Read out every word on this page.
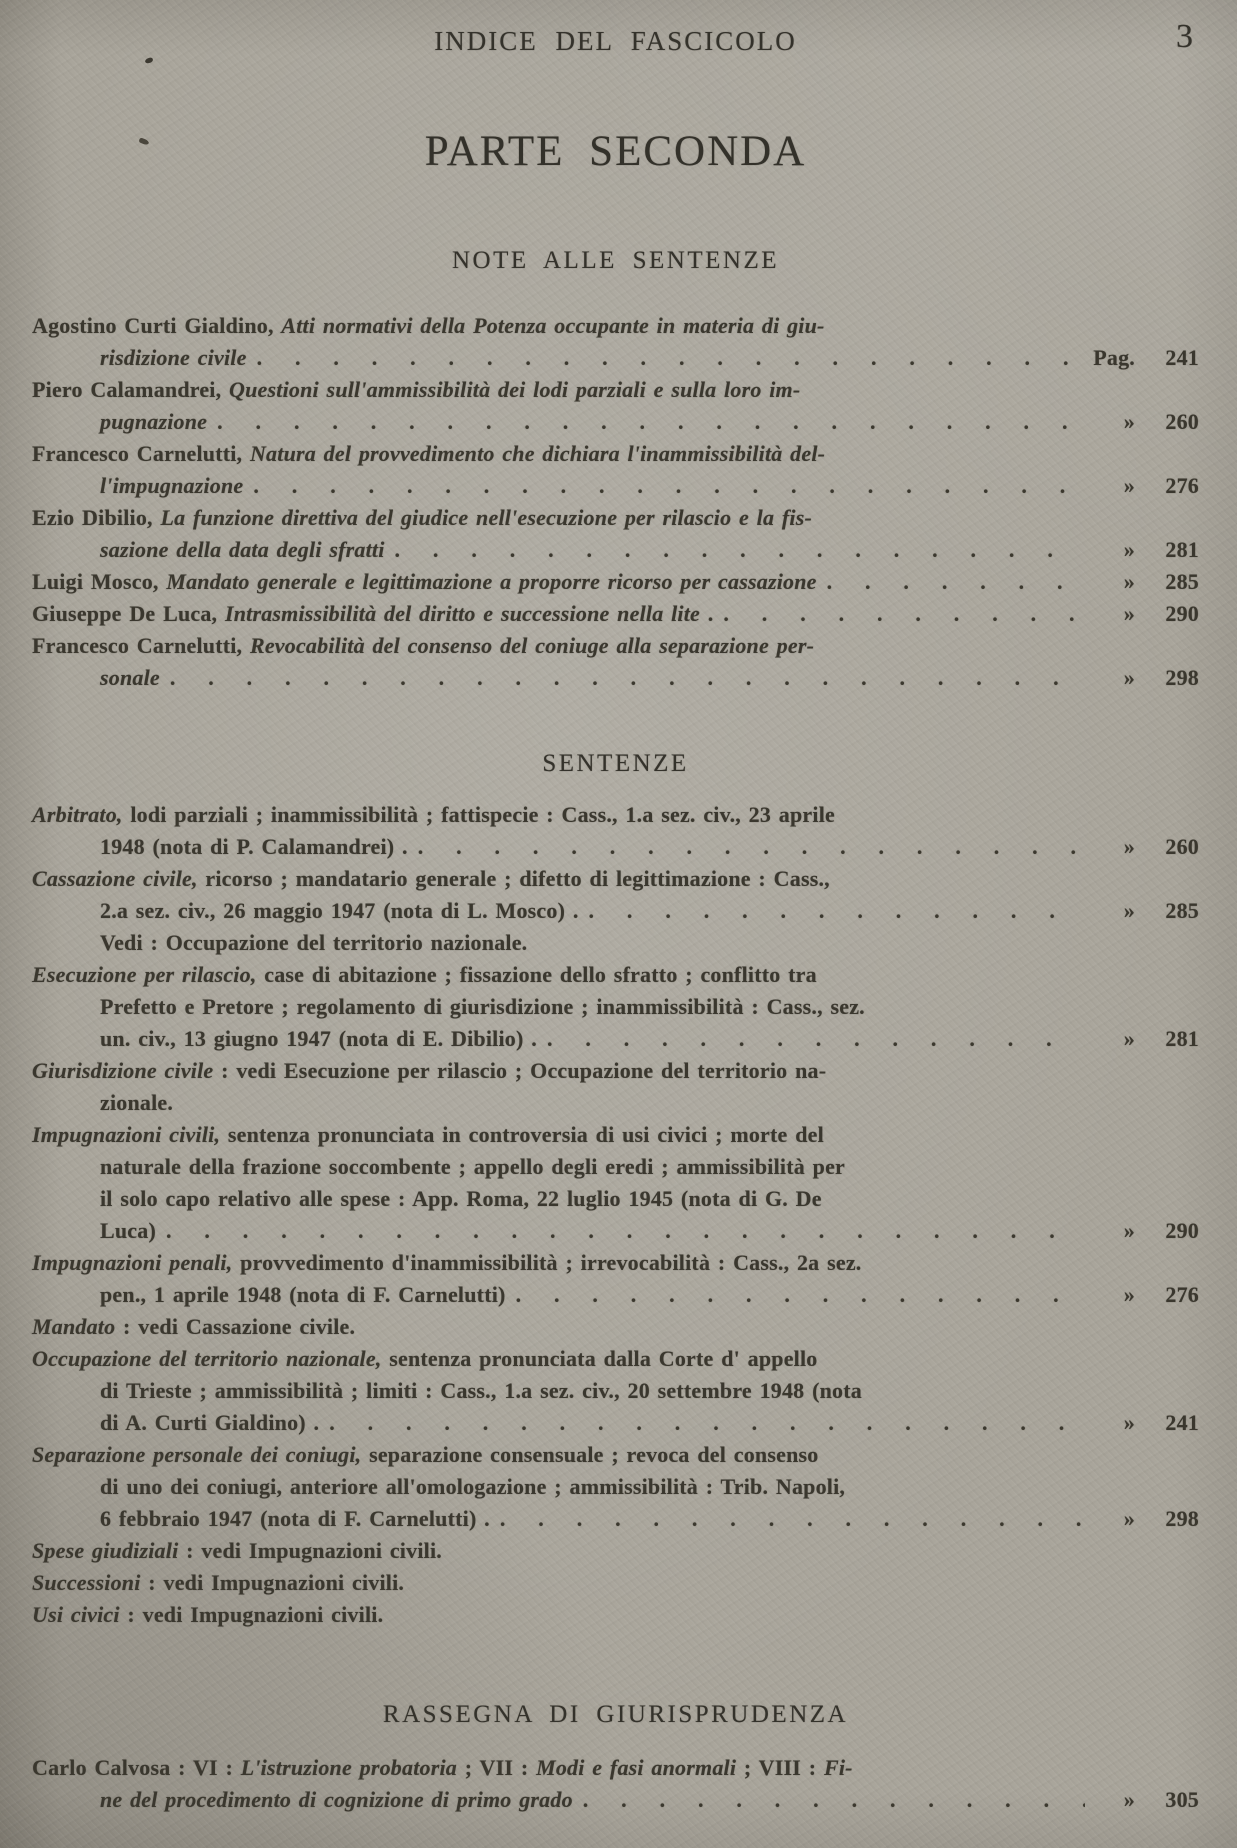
INDICE DEL FASCICOLO	3
PARTE SECONDA
NOTE ALLE SENTENZE
Agostino Curti Gialdino, Atti normativi della Potenza occupante in materia di giu-
risdizione civile . . .	Pag.	241
Piero Calamandrei, Questioni sull'ammissibilità dei lodi parziali e sulla loro im-
pugnazione . . .	»	260
Francesco Carnelutti, Natura del provvedimento che dichiara l'inammissibilità del-
l'impugnazione . . .	»	276
Ezio Dibilio, La funzione direttiva del giudice nell'esecuzione per rilascio e la fis-
sazione della data degli sfratti . . .	»	281
Luigi Mosco, Mandato generale e legittimazione a proporre ricorso per cassazione . . .	»	285
Giuseppe De Luca, Intrasmissibilità del diritto e successione nella lite . . . .	»	290
Francesco Carnelutti, Revocabilità del consenso del coniuge alla separazione per-
sonale . . .	»	298
SENTENZE
Arbitrato, lodi parziali ; inammissibilità ; fattispecie : Cass., 1.a sez. civ., 23 aprile
1948 (nota di P. Calamandrei) . . . .	»	260
Cassazione civile, ricorso ; mandatario generale ; difetto di legittimazione : Cass.,
2.a sez. civ., 26 maggio 1947 (nota di L. Mosco) . . . .	»	285
Vedi : Occupazione del territorio nazionale.
Esecuzione per rilascio, case di abitazione ; fissazione dello sfratto ; conflitto tra
Prefetto e Pretore ; regolamento di giurisdizione ; inammissibilità : Cass., sez.
un. civ., 13 giugno 1947 (nota di E. Dibilio) . . . .	»	281
Giurisdizione civile : vedi Esecuzione per rilascio ; Occupazione del territorio na-
zionale.
Impugnazioni civili, sentenza pronunciata in controversia di usi civici ; morte del
naturale della frazione soccombente ; appello degli eredi ; ammissibilità per
il solo capo relativo alle spese : App. Roma, 22 luglio 1945 (nota di G. De
Luca) . . .	»	290
Impugnazioni penali, provvedimento d'inammissibilità ; irrevocabilità : Cass., 2a sez.
pen., 1 aprile 1948 (nota di F. Carnelutti) . . .	»	276
Mandato : vedi Cassazione civile.
Occupazione del territorio nazionale, sentenza pronunciata dalla Corte d' appello
di Trieste ; ammissibilità ; limiti : Cass., 1.a sez. civ., 20 settembre 1948 (nota
di A. Curti Gialdino) . . . .	»	241
Separazione personale dei coniugi, separazione consensuale ; revoca del consenso
di uno dei coniugi, anteriore all'omologazione ; ammissibilità : Trib. Napoli,
6 febbraio 1947 (nota di F. Carnelutti) . . . .	»	298
Spese giudiziali : vedi Impugnazioni civili.
Successioni : vedi Impugnazioni civili.
Usi civici : vedi Impugnazioni civili.
RASSEGNA DI GIURISPRUDENZA
Carlo Calvosa : VI : L'istruzione probatoria ; VII : Modi e fasi anormali ; VIII : Fi-
ne del procedimento di cognizione di primo grado . . .	»	305
